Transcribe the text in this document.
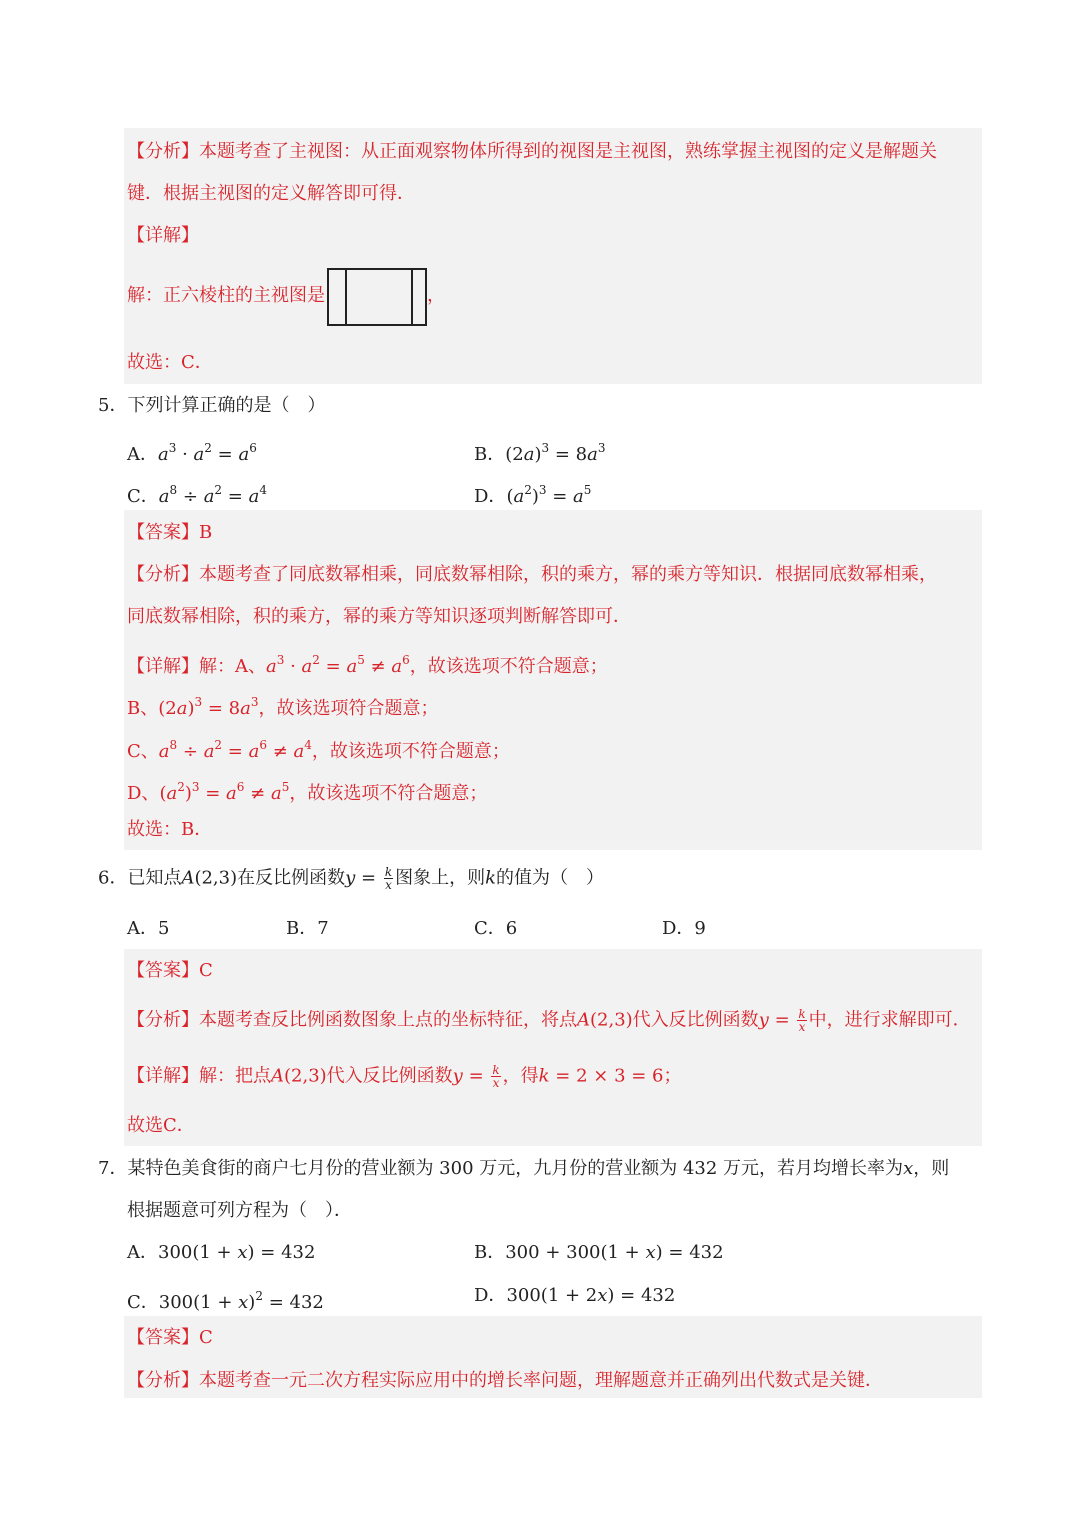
【分析】本题考查了主视图：从正面观察物体所得到的视图是主视图，熟练掌握主视图的定义是解题关
键．根据主视图的定义解答即可得．
【详解】
解：正六棱柱的主视图是	，
故选：C．
5．下列计算正确的是（　）
A．$a^3 \cdot a^2 = a^6$	B．$(2a)^3 = 8a^3$
C．$a^8 \div a^2 = a^4$	D．$(a^2)^3 = a^5$
【答案】B
【分析】本题考查了同底数幂相乘，同底数幂相除，积的乘方，幂的乘方等知识．根据同底数幂相乘，
同底数幂相除，积的乘方，幂的乘方等知识逐项判断解答即可．
【详解】解：A、$a^3 \cdot a^2 = a^5 \ne a^6$，故该选项不符合题意；
B、$(2a)^3 = 8a^3$，故该选项符合题意；
C、$a^8 \div a^2 = a^6 \ne a^4$，故该选项不符合题意；
D、$(a^2)^3 = a^6 \ne a^5$，故该选项不符合题意；
故选：B．
6．已知点A(2,3)在反比例函数$y = \frac{k}{x}$ 图象上，则k的值为（　）
A．5	B．7	C．6	D．9
【答案】C
【分析】本题考查反比例函数图象上点的坐标特征，将点A(2,3)代入反比例函数$y = \frac{k}{x}$ 中，进行求解即可．
【详解】解：把点A(2,3)代入反比例函数$y = \frac{k}{x}$ ，得k = 2 × 3 = 6；
故选C．
7．某特色美食街的商户七月份的营业额为 300 万元，九月份的营业额为 432 万元，若月均增长率为x，则
根据题意可列方程为（　）．
A．300(1 + x) = 432	B．300 + 300(1 + x) = 432
C．$300(1 + x)^2 = 432$	D．300(1 + 2x) = 432
【答案】C
【分析】本题考查一元二次方程实际应用中的增长率问题，理解题意并正确列出代数式是关键．
